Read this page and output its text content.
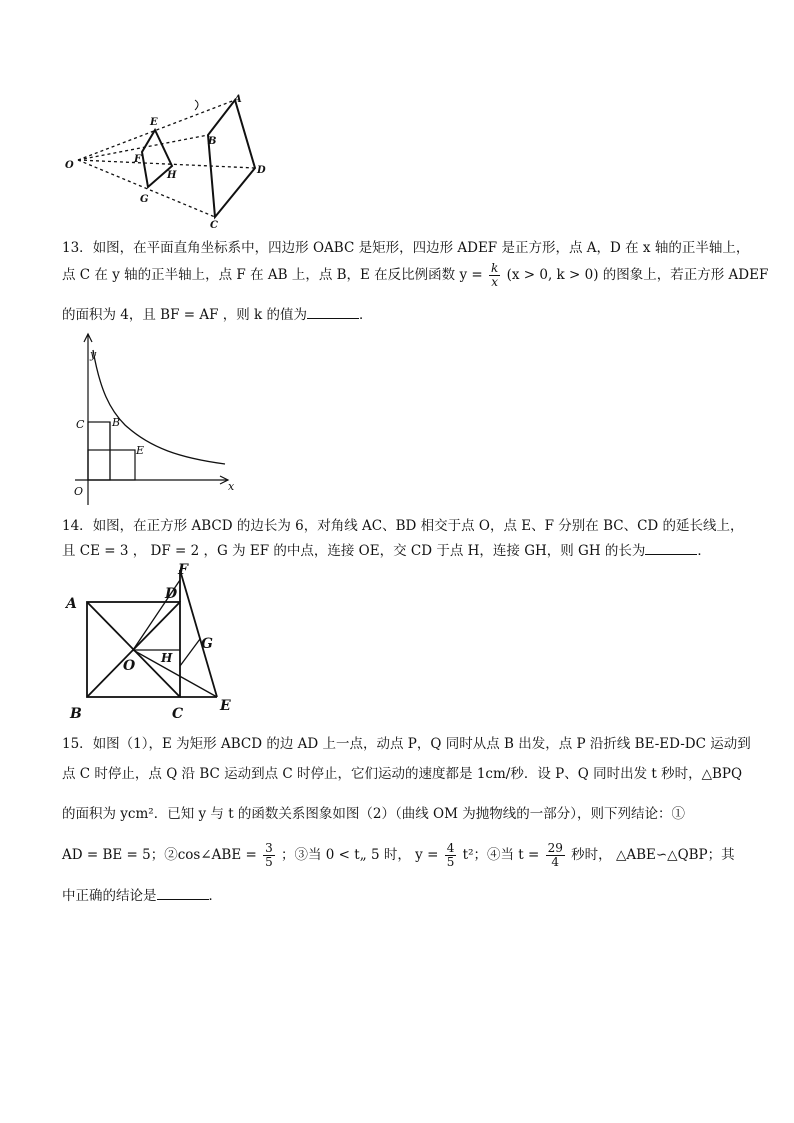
O
E
F
G
H
A
B
C
D
13．如图，在平面直角坐标系中，四边形 OABC 是矩形，四边形 ADEF 是正方形，点 A，D 在 x 轴的正半轴上，
点 C 在 y 轴的正半轴上，点 F 在 AB 上，点 B，E 在反比例函数 $y = \frac{k}{x} (x > 0$, k > 0) 的图象上，若正方形 ADEF
的面积为 4，且 BF = AF ，则 k 的值为	．
y
x
O
C	B
E
14．如图，在正方形 ABCD 的边长为 6，对角线 AC、BD 相交于点 O，点 E、F 分别在 BC、CD 的延长线上，
且 CE = 3 ， DF = 2 ，G 为 EF 的中点，连接 OE，交 CD 于点 H，连接 GH，则 GH 的长为	．
A
B	C
D
E
F
G
H
O
15．如图（1），E 为矩形 ABCD 的边 AD 上一点，动点 P，Q 同时从点 B 出发，点 P 沿折线 BE-ED-DC 运动到
点 C 时停止，点 Q 沿 BC 运动到点 C 时停止，它们运动的速度都是 1cm/秒．设 P、Q 同时出发 t 秒时，△BPQ
的面积为 ycm²．已知 y 与 t 的函数关系图象如图（2）（曲线 OM 为抛物线的一部分），则下列结论：①
AD = BE = 5；②cos∠ABE = $\frac{3}{5}$ ；③当 0 < t„ 5 时， $y = \frac{4}{5} t^2$；④当 $t = \frac{29}{4}$ 秒时， △ABE∽△QBP；其
中正确的结论是	．
